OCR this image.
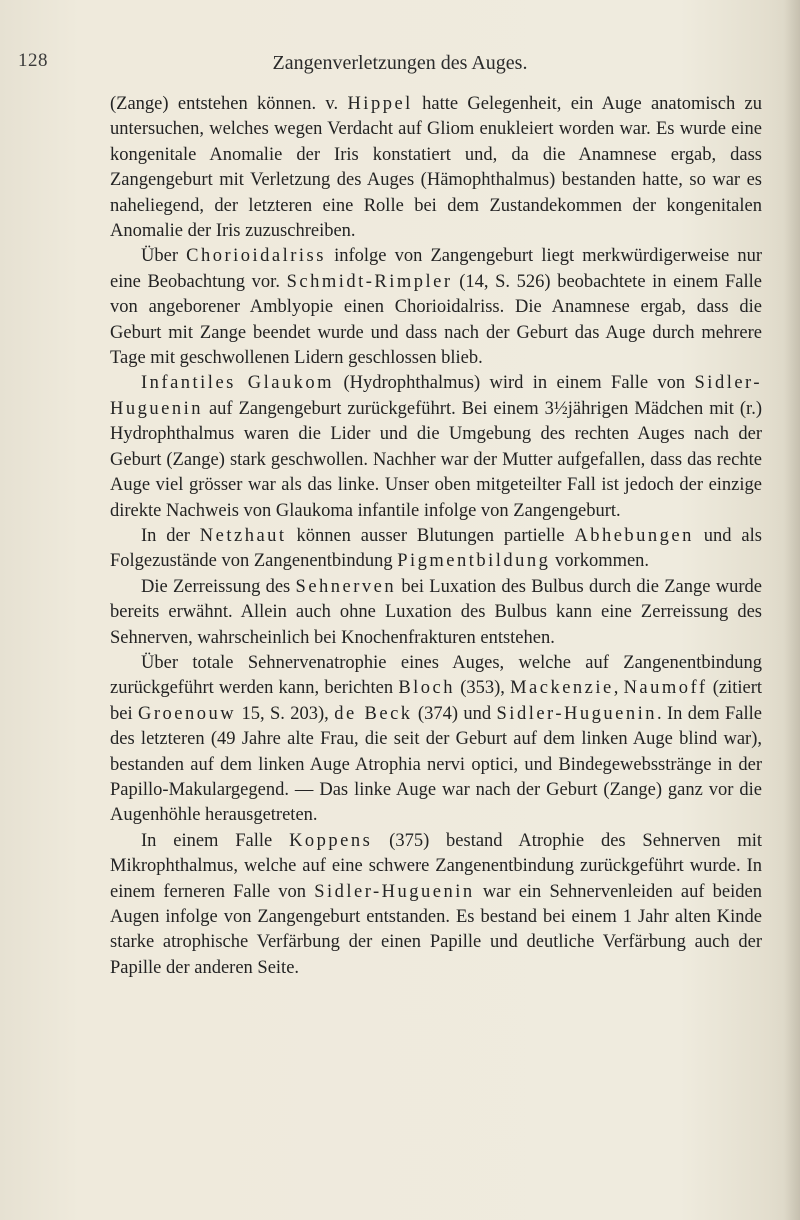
128	Zangenverletzungen des Auges.

(Zange) entstehen können. v. Hippel hatte Gelegenheit, ein Auge anatomisch zu untersuchen, welches wegen Verdacht auf Gliom enukleiert worden war. Es wurde eine kongenitale Anomalie der Iris konstatiert und, da die Anamnese ergab, dass Zangengeburt mit Verletzung des Auges (Hämophthalmus) bestanden hatte, so war es naheliegend, der letzteren eine Rolle bei dem Zustandekommen der kongenitalen Anomalie der Iris zuzuschreiben.

Über Chorioidalriss infolge von Zangengeburt liegt merkwürdigerweise nur eine Beobachtung vor. Schmidt-Rimpler (14, S. 526) beobachtete in einem Falle von angeborener Amblyopie einen Chorioidalriss. Die Anamnese ergab, dass die Geburt mit Zange beendet wurde und dass nach der Geburt das Auge durch mehrere Tage mit geschwollenen Lidern geschlossen blieb.

Infantiles Glaukom (Hydrophthalmus) wird in einem Falle von Sidler-Huguenin auf Zangengeburt zurückgeführt. Bei einem 3½jährigen Mädchen mit (r.) Hydrophthalmus waren die Lider und die Umgebung des rechten Auges nach der Geburt (Zange) stark geschwollen. Nachher war der Mutter aufgefallen, dass das rechte Auge viel grösser war als das linke. Unser oben mitgeteilter Fall ist jedoch der einzige direkte Nachweis von Glaukoma infantile infolge von Zangengeburt.

In der Netzhaut können ausser Blutungen partielle Abhebungen und als Folgezustände von Zangenentbindung Pigmentbildung vorkommen.

Die Zerreissung des Sehnerven bei Luxation des Bulbus durch die Zange wurde bereits erwähnt. Allein auch ohne Luxation des Bulbus kann eine Zerreissung des Sehnerven, wahrscheinlich bei Knochenfrakturen entstehen.

Über totale Sehnervenatrophie eines Auges, welche auf Zangenentbindung zurückgeführt werden kann, berichten Bloch (353), Mackenzie, Naumoff (zitiert bei Groenouw 15, S. 203), de Beck (374) und Sidler-Huguenin. In dem Falle des letzteren (49 Jahre alte Frau, die seit der Geburt auf dem linken Auge blind war), bestanden auf dem linken Auge Atrophia nervi optici, und Bindegewebsstränge in der Papillo-Makulargegend. — Das linke Auge war nach der Geburt (Zange) ganz vor die Augenhöhle herausgetreten.

In einem Falle Koppens (375) bestand Atrophie des Sehnerven mit Mikrophthalmus, welche auf eine schwere Zangenentbindung zurückgeführt wurde. In einem ferneren Falle von Sidler-Huguenin war ein Sehnervenleiden auf beiden Augen infolge von Zangengeburt entstanden. Es bestand bei einem 1 Jahr alten Kinde starke atrophische Verfärbung der einen Papille und deutliche Verfärbung auch der Papille der anderen Seite.
